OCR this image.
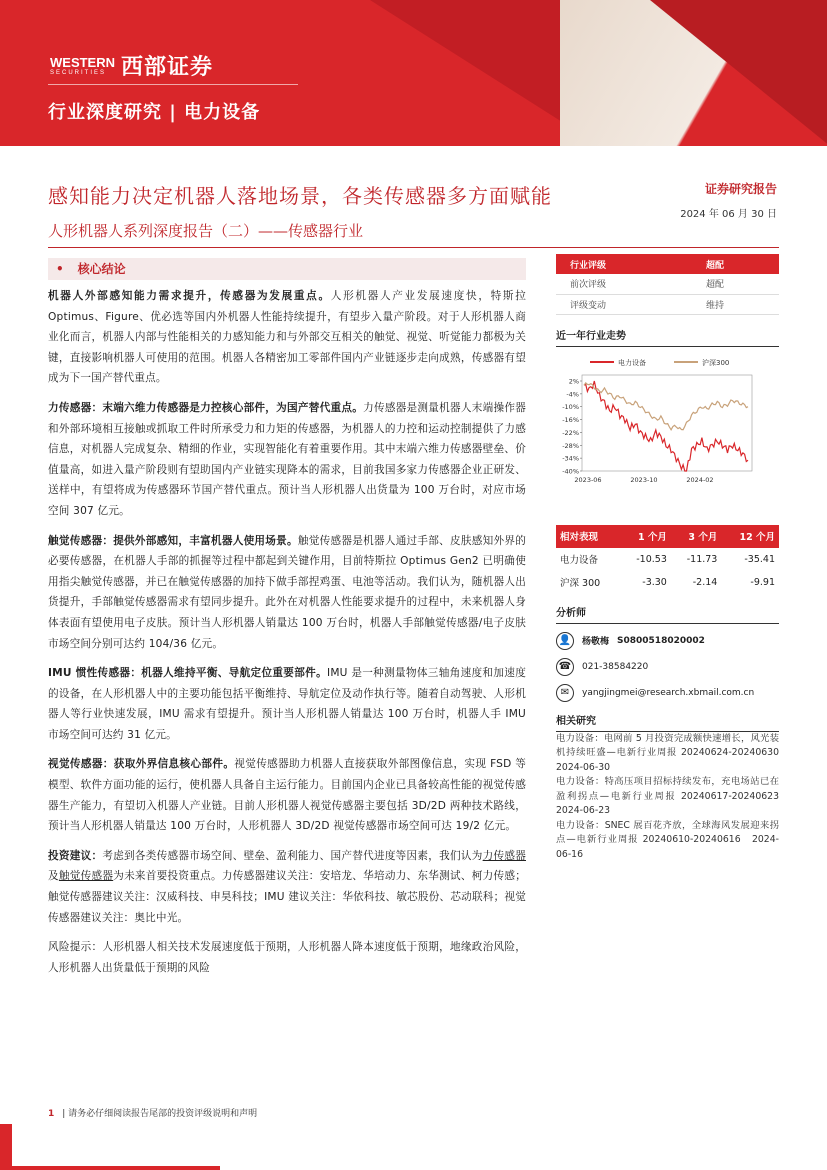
WESTERN
SECURITIES 西部证券
行业深度研究 | 电力设备
感知能力决定机器人落地场景，各类传感器多方面赋能
人形机器人系列深度报告（二）——传感器行业
证券研究报告
2024 年 06 月 30 日
• 核心结论

机器人外部感知能力需求提升，传感器为发展重点。人形机器人产业发展速度快，特斯拉 Optimus、Figure、优必选等国内外机器人性能持续提升，有望步入量产阶段。对于人形机器人商业化而言，机器人内部与性能相关的力感知能力和与外部交互相关的触觉、视觉、听觉能力都极为关键，直接影响机器人可使用的范围。机器人各精密加工零部件国内产业链逐步走向成熟，传感器有望成为下一国产替代重点。

力传感器：末端六维力传感器是力控核心部件，为国产替代重点。力传感器是测量机器人末端操作器和外部环境相互接触或抓取工件时所承受力和力矩的传感器，为机器人的力控和运动控制提供了力感信息，对机器人完成复杂、精细的作业，实现智能化有着重要作用。其中末端六维力传感器壁垒、价值量高，如进入量产阶段则有望助国内产业链实现降本的需求，目前我国多家力传感器企业正研发、送样中，有望将成为传感器环节国产替代重点。预计当人形机器人出货量为 100 万台时，对应市场空间 307 亿元。

触觉传感器：提供外部感知，丰富机器人使用场景。触觉传感器是机器人通过手部、皮肤感知外界的必要传感器，在机器人手部的抓握等过程中都起到关键作用，目前特斯拉 Optimus Gen2 已明确使用指尖触觉传感器，并已在触觉传感器的加持下做手部捏鸡蛋、电池等活动。我们认为，随机器人出货提升，手部触觉传感器需求有望同步提升。此外在对机器人性能要求提升的过程中，未来机器人身体表面有望使用电子皮肤。预计当人形机器人销量达 100 万台时，机器人手部触觉传感器/电子皮肤市场空间分别可达约 104/36 亿元。

IMU 惯性传感器：机器人维持平衡、导航定位重要部件。IMU 是一种测量物体三轴角速度和加速度的设备，在人形机器人中的主要功能包括平衡维持、导航定位及动作执行等。随着自动驾驶、人形机器人等行业快速发展，IMU 需求有望提升。预计当人形机器人销量达 100 万台时，机器人手 IMU 市场空间可达约 31 亿元。

视觉传感器：获取外界信息核心部件。视觉传感器助力机器人直接获取外部图像信息，实现 FSD 等模型、软件方面功能的运行，使机器人具备自主运行能力。目前国内企业已具备较高性能的视觉传感器生产能力，有望切入机器人产业链。目前人形机器人视觉传感器主要包括 3D/2D 两种技术路线，预计当人形机器人销量达 100 万台时，人形机器人 3D/2D 视觉传感器市场空间可达 19/2 亿元。

投资建议：考虑到各类传感器市场空间、壁垒、盈利能力、国产替代进度等因素，我们认为力传感器及触觉传感器为未来首要投资重点。力传感器建议关注：安培龙、华培动力、东华测试、柯力传感；触觉传感器建议关注：汉威科技、申昊科技；IMU 建议关注：华依科技、敏芯股份、芯动联科；视觉传感器建议关注：奥比中光。

风险提示：人形机器人相关技术发展速度低于预期，人形机器人降本速度低于预期，地缘政治风险，人形机器人出货量低于预期的风险

行业评级	超配
前次评级	超配
评级变动	维持
近一年行业走势
电力设备	沪深300
2%
-4%
-10%
-16%
-22%
-28%
-34%
-40%
2023-06	2023-10	2024-02
相对表现	1 个月	3 个月	12 个月
电力设备	-10.53	-11.73	-35.41
沪深 300	-3.30	-2.14	-9.91
分析师
👤	杨敬梅 S0800518020002
☎	021-38584220
✉	yangjingmei@research.xbmail.com.cn
相关研究
电力设备：电网前 5 月投资完成额快速增长，风光装机持续旺盛—电新行业周报 20240624-20240630　2024-06-30
电力设备：特高压项目招标持续发布，充电场站已在盈利拐点—电新行业周报 20240617-20240623　2024-06-23
电力设备：SNEC 展百花齐放，全球海风发展迎来拐点—电新行业周报 20240610-20240616　2024-06-16
1 | 请务必仔细阅读报告尾部的投资评级说明和声明
